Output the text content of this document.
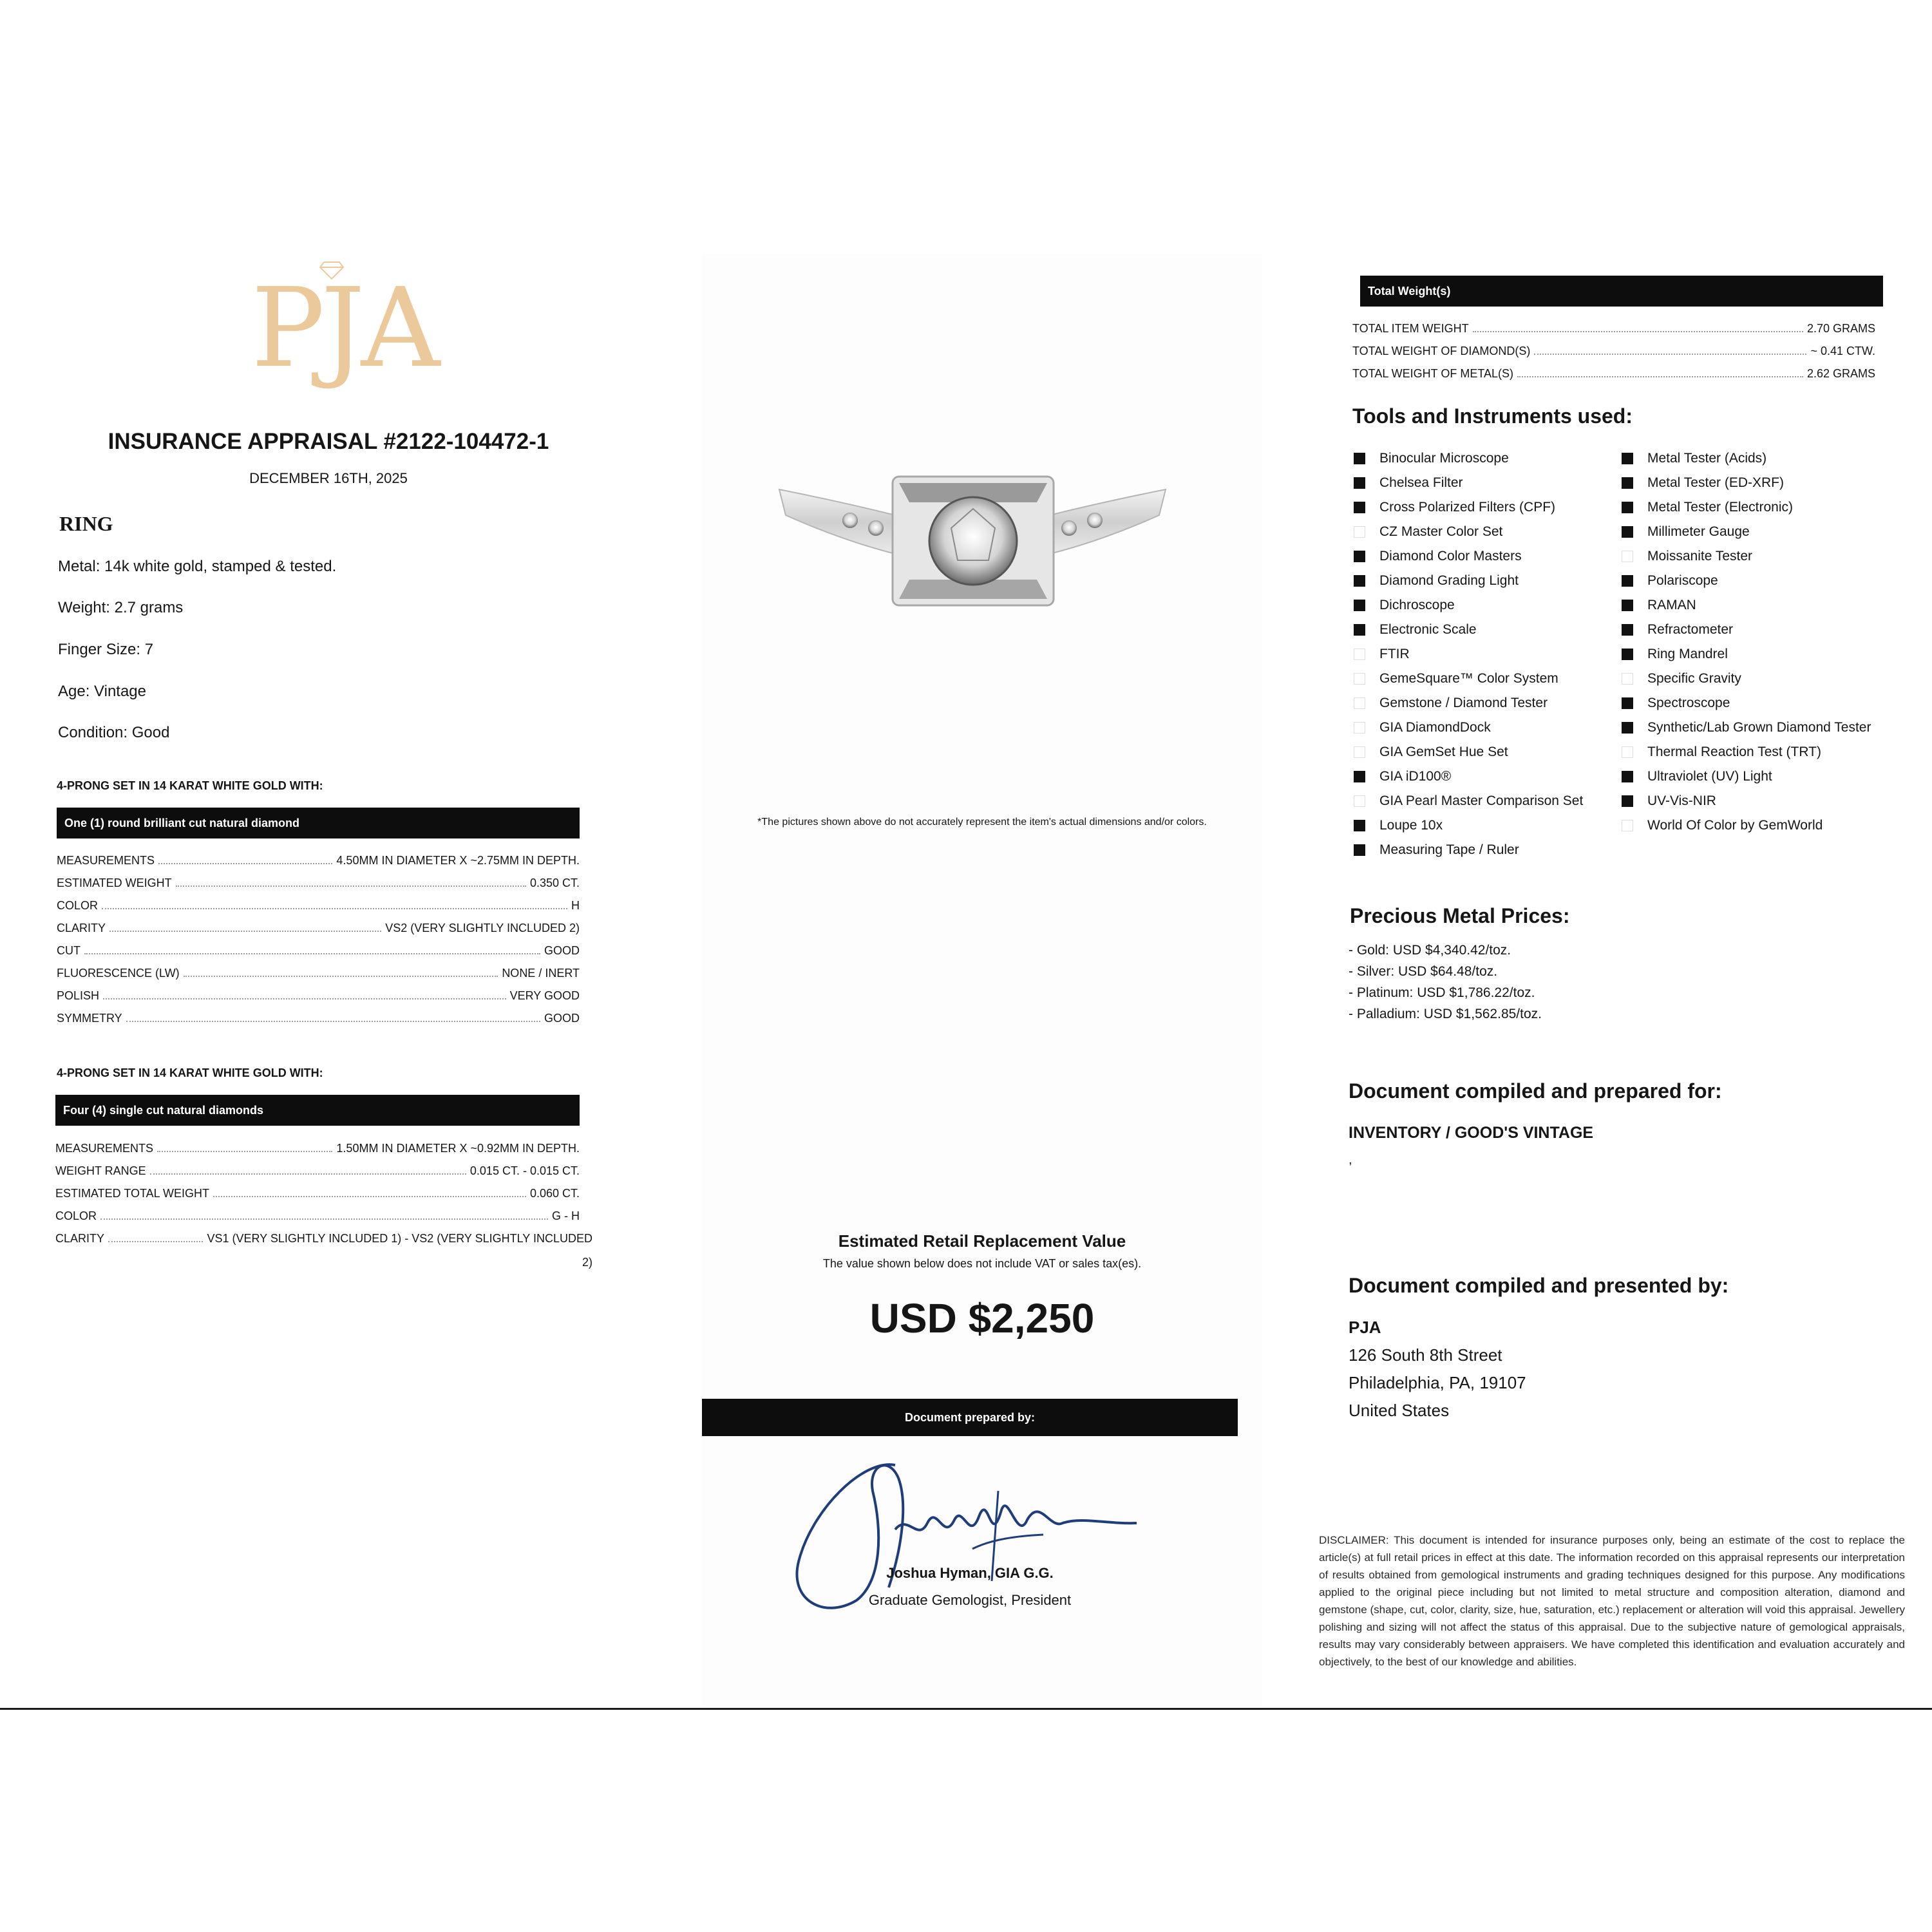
PJA
INSURANCE APPRAISAL #2122-104472-1
DECEMBER 16TH, 2025
RING
Metal: 14k white gold, stamped & tested.
Weight: 2.7 grams
Finger Size: 7
Age: Vintage
Condition: Good
4-PRONG SET IN 14 KARAT WHITE GOLD WITH:
One (1) round brilliant cut natural diamond
MEASUREMENTS	4.50MM IN DIAMETER X ~2.75MM IN DEPTH.
ESTIMATED WEIGHT	0.350 CT.
COLOR	H
CLARITY	VS2 (VERY SLIGHTLY INCLUDED 2)
CUT	GOOD
FLUORESCENCE (LW)	NONE / INERT
POLISH	VERY GOOD
SYMMETRY	GOOD
4-PRONG SET IN 14 KARAT WHITE GOLD WITH:
Four (4) single cut natural diamonds
MEASUREMENTS	1.50MM IN DIAMETER X ~0.92MM IN DEPTH.
WEIGHT RANGE	0.015 CT. - 0.015 CT.
ESTIMATED TOTAL WEIGHT	0.060 CT.
COLOR	G - H
CLARITY	VS1 (VERY SLIGHTLY INCLUDED 1) - VS2 (VERY SLIGHTLY INCLUDED
2)
*The pictures shown above do not accurately represent the item's actual dimensions and/or colors.
Estimated Retail Replacement Value
The value shown below does not include VAT or sales tax(es).
USD $2,250
Document prepared by:
Joshua Hyman, GIA G.G.
Graduate Gemologist, President
Total Weight(s)
TOTAL ITEM WEIGHT	2.70 GRAMS
TOTAL WEIGHT OF DIAMOND(S)	~ 0.41 CTW.
TOTAL WEIGHT OF METAL(S)	2.62 GRAMS
Tools and Instruments used:
Binocular Microscope
Chelsea Filter
Cross Polarized Filters (CPF)
CZ Master Color Set
Diamond Color Masters
Diamond Grading Light
Dichroscope
Electronic Scale
FTIR
GemeSquare™ Color System
Gemstone / Diamond Tester
GIA DiamondDock
GIA GemSet Hue Set
GIA iD100®
GIA Pearl Master Comparison Set
Loupe 10x
Measuring Tape / Ruler
Metal Tester (Acids)
Metal Tester (ED-XRF)
Metal Tester (Electronic)
Millimeter Gauge
Moissanite Tester
Polariscope
RAMAN
Refractometer
Ring Mandrel
Specific Gravity
Spectroscope
Synthetic/Lab Grown Diamond Tester
Thermal Reaction Test (TRT)
Ultraviolet (UV) Light
UV-Vis-NIR
World Of Color by GemWorld
Precious Metal Prices:
- Gold: USD $4,340.42/toz.
- Silver: USD $64.48/toz.
- Platinum: USD $1,786.22/toz.
- Palladium: USD $1,562.85/toz.
Document compiled and prepared for:
INVENTORY / GOOD'S VINTAGE
,
Document compiled and presented by:
PJA
126 South 8th Street
Philadelphia, PA, 19107
United States
DISCLAIMER: This document is intended for insurance purposes only, being an estimate of the cost to replace the article(s) at full retail prices in effect at this date. The information recorded on this appraisal represents our interpretation of results obtained from gemological instruments and grading techniques designed for this purpose. Any modifications applied to the original piece including but not limited to metal structure and composition alteration, diamond and gemstone (shape, cut, color, clarity, size, hue, saturation, etc.) replacement or alteration will void this appraisal. Jewellery polishing and sizing will not affect the status of this appraisal. Due to the subjective nature of gemological appraisals, results may vary considerably between appraisers. We have completed this identification and evaluation accurately and objectively, to the best of our knowledge and abilities.
